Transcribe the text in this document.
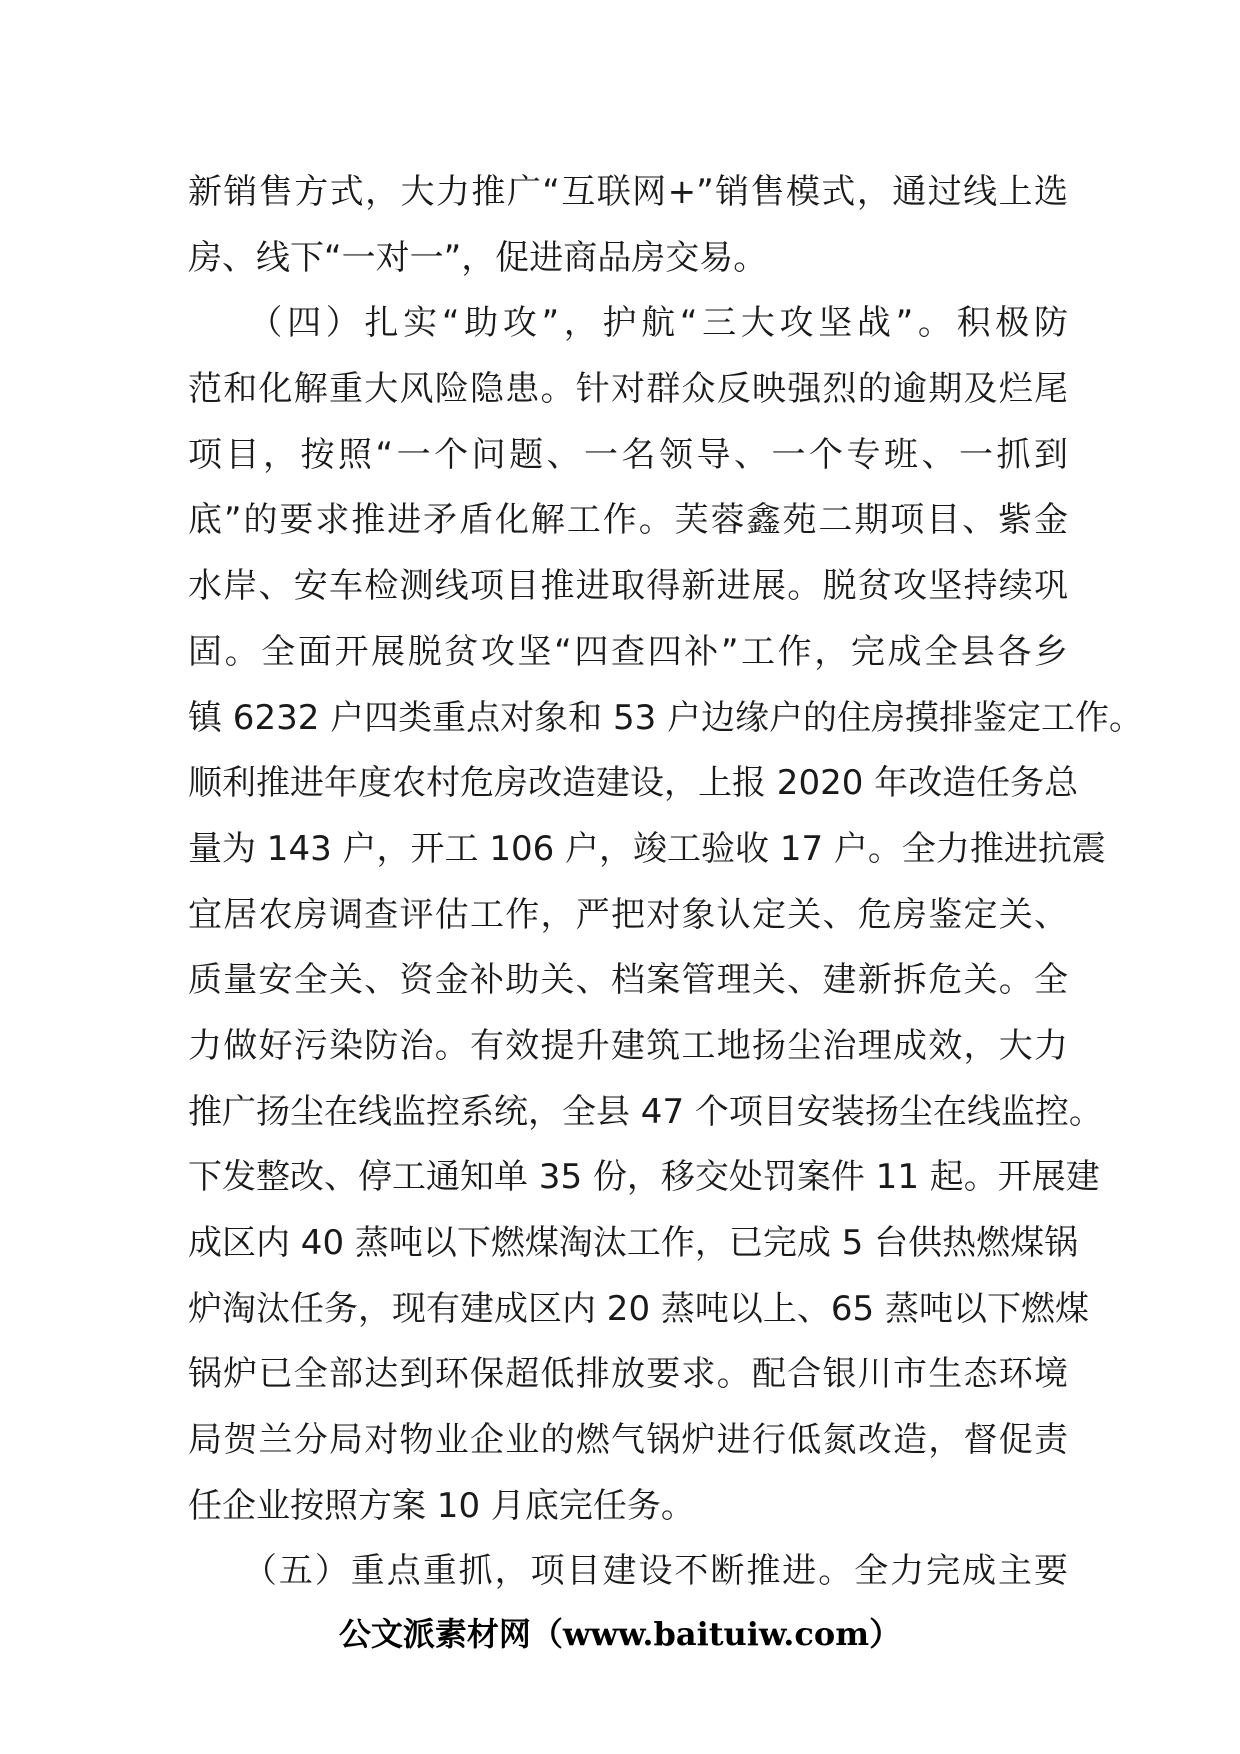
新销售方式，大力推广“互联网+”销售模式，通过线上选
房、线下“一对一”，促进商品房交易。
　　（四）扎实“助攻”，护航“三大攻坚战”。积极防
范和化解重大风险隐患。针对群众反映强烈的逾期及烂尾
项目，按照“一个问题、一名领导、一个专班、一抓到
底”的要求推进矛盾化解工作。芙蓉鑫苑二期项目、紫金
水岸、安车检测线项目推进取得新进展。脱贫攻坚持续巩
固。全面开展脱贫攻坚“四查四补”工作，完成全县各乡
镇 6232 户四类重点对象和 53 户边缘户的住房摸排鉴定工作。
顺利推进年度农村危房改造建设，上报 2020 年改造任务总
量为 143 户，开工 106 户，竣工验收 17 户。全力推进抗震
宜居农房调查评估工作，严把对象认定关、危房鉴定关、
质量安全关、资金补助关、档案管理关、建新拆危关。全
力做好污染防治。有效提升建筑工地扬尘治理成效，大力
推广扬尘在线监控系统，全县 47 个项目安装扬尘在线监控。
下发整改、停工通知单 35 份，移交处罚案件 11 起。开展建
成区内 40 蒸吨以下燃煤淘汰工作，已完成 5 台供热燃煤锅
炉淘汰任务，现有建成区内 20 蒸吨以上、65 蒸吨以下燃煤
锅炉已全部达到环保超低排放要求。配合银川市生态环境
局贺兰分局对物业企业的燃气锅炉进行低氮改造，督促责
任企业按照方案 10 月底完任务。
　　（五）重点重抓，项目建设不断推进。全力完成主要
公文派素材网（www.baituiw.com）
